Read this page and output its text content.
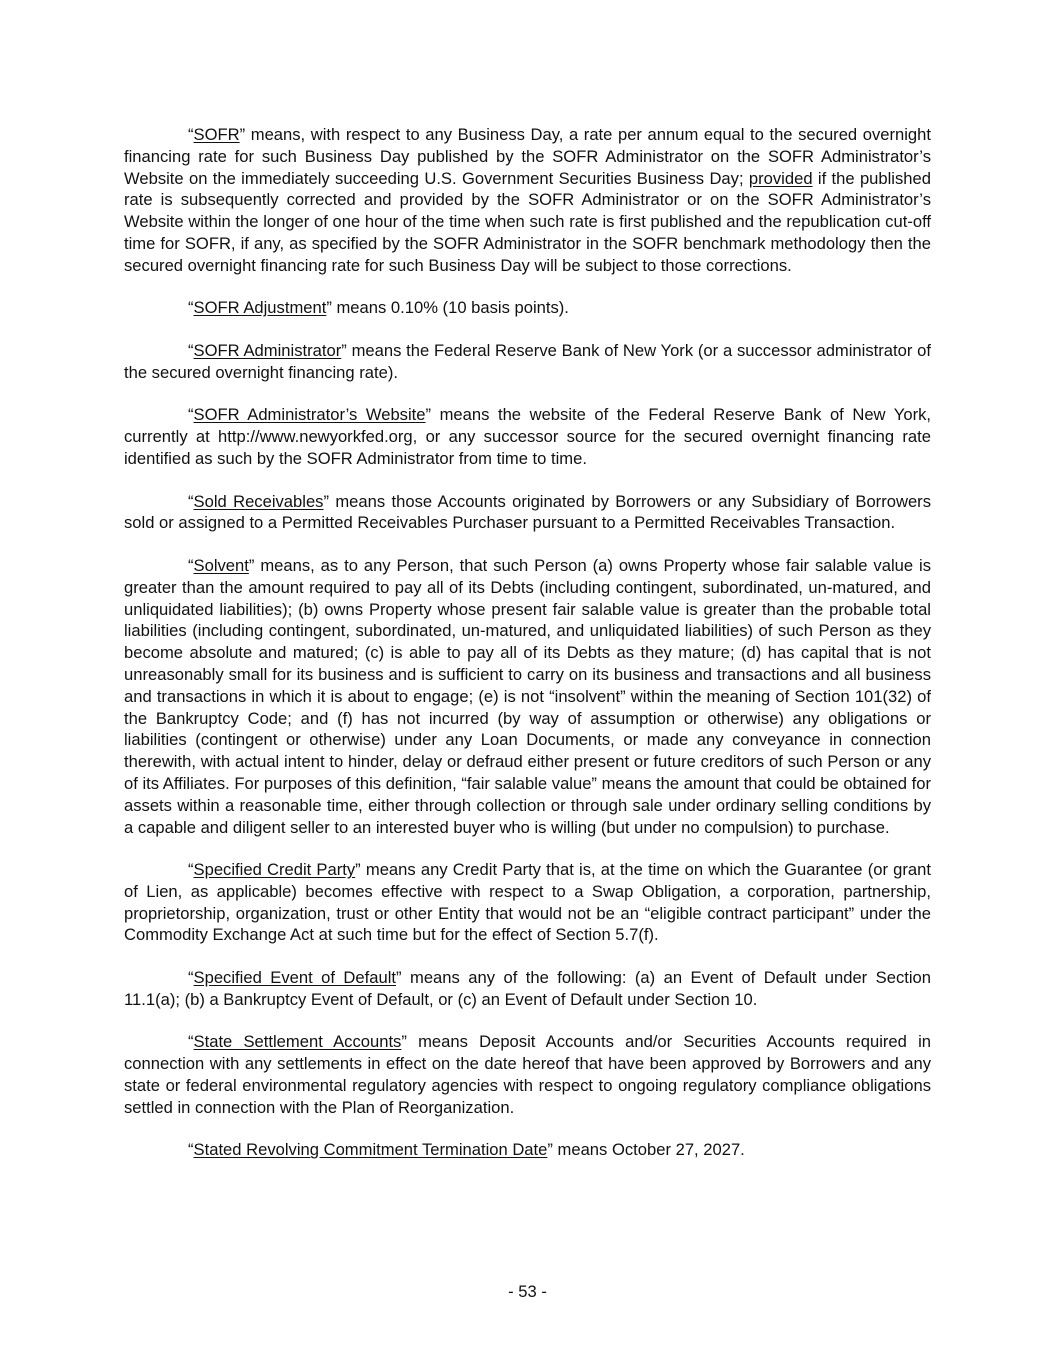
“SOFR” means, with respect to any Business Day, a rate per annum equal to the secured overnight financing rate for such Business Day published by the SOFR Administrator on the SOFR Administrator’s Website on the immediately succeeding U.S. Government Securities Business Day; provided if the published rate is subsequently corrected and provided by the SOFR Administrator or on the SOFR Administrator’s Website within the longer of one hour of the time when such rate is first published and the republication cut-off time for SOFR, if any, as specified by the SOFR Administrator in the SOFR benchmark methodology then the secured overnight financing rate for such Business Day will be subject to those corrections.

“SOFR Adjustment” means 0.10% (10 basis points).

“SOFR Administrator” means the Federal Reserve Bank of New York (or a successor administrator of the secured overnight financing rate).

“SOFR Administrator’s Website” means the website of the Federal Reserve Bank of New York, currently at http://www.newyorkfed.org, or any successor source for the secured overnight financing rate identified as such by the SOFR Administrator from time to time.

“Sold Receivables” means those Accounts originated by Borrowers or any Subsidiary of Borrowers sold or assigned to a Permitted Receivables Purchaser pursuant to a Permitted Receivables Transaction.

“Solvent” means, as to any Person, that such Person (a) owns Property whose fair salable value is greater than the amount required to pay all of its Debts (including contingent, subordinated, un-matured, and unliquidated liabilities); (b) owns Property whose present fair salable value is greater than the probable total liabilities (including contingent, subordinated, un-matured, and unliquidated liabilities) of such Person as they become absolute and matured; (c) is able to pay all of its Debts as they mature; (d) has capital that is not unreasonably small for its business and is sufficient to carry on its business and transactions and all business and transactions in which it is about to engage; (e) is not “insolvent” within the meaning of Section 101(32) of the Bankruptcy Code; and (f) has not incurred (by way of assumption or otherwise) any obligations or liabilities (contingent or otherwise) under any Loan Documents, or made any conveyance in connection therewith, with actual intent to hinder, delay or defraud either present or future creditors of such Person or any of its Affiliates. For purposes of this definition, “fair salable value” means the amount that could be obtained for assets within a reasonable time, either through collection or through sale under ordinary selling conditions by a capable and diligent seller to an interested buyer who is willing (but under no compulsion) to purchase.

“Specified Credit Party” means any Credit Party that is, at the time on which the Guarantee (or grant of Lien, as applicable) becomes effective with respect to a Swap Obligation, a corporation, partnership, proprietorship, organization, trust or other Entity that would not be an “eligible contract participant” under the Commodity Exchange Act at such time but for the effect of Section 5.7(f).

“Specified Event of Default” means any of the following: (a) an Event of Default under Section 11.1(a); (b) a Bankruptcy Event of Default, or (c) an Event of Default under Section 10.

“State Settlement Accounts” means Deposit Accounts and/or Securities Accounts required in connection with any settlements in effect on the date hereof that have been approved by Borrowers and any state or federal environmental regulatory agencies with respect to ongoing regulatory compliance obligations settled in connection with the Plan of Reorganization.

“Stated Revolving Commitment Termination Date” means October 27, 2027.

- 53 -
